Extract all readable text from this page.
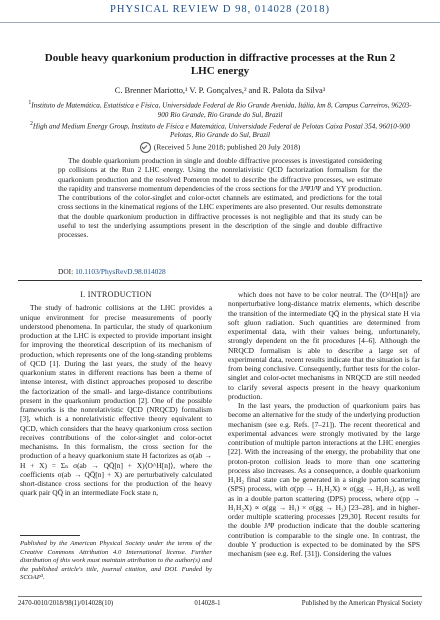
PHYSICAL REVIEW D 98, 014028 (2018)
Double heavy quarkonium production in diffractive processes at the Run 2 LHC energy
C. Brenner Mariotto,¹ V. P. Gonçalves,² and R. Palota da Silva³
$^1$Instituto de Matemática, Estatística e Física, Universidade Federal de Rio Grande Avenida, Itália, km 8, Campus Carreiros, 96203-900 Rio Grande, Rio Grande do Sul, Brazil
$^2$High and Medium Energy Group, Instituto de Física e Matemática, Universidade Federal de Pelotas Caixa Postal 354, 96010-900 Pelotas, Rio Grande do Sul, Brazil
(Received 5 June 2018; published 20 July 2018)
The double quarkonium production in single and double diffractive processes is investigated considering pp collisions at the Run 2 LHC energy. Using the nonrelativistic QCD factorization formalism for the quarkonium production and the resolved Pomeron model to describe the diffractive processes, we estimate the rapidity and transverse momentum dependencies of the cross sections for the J/ΨJ/Ψ and ΥΥ production. The contributions of the color-singlet and color-octet channels are estimated, and predictions for the total cross sections in the kinematical regions of the LHC experiments are also presented. Our results demonstrate that the double quarkonium production in diffractive processes is not negligible and that its study can be useful to test the underlying assumptions present in the description of the single and double diffractive processes.
DOI: 10.1103/PhysRevD.98.014028
I. INTRODUCTION

The study of hadronic collisions at the LHC provides a unique environment for precise measurements of poorly understood phenomena. In particular, the study of quarkonium production at the LHC is expected to provide important insight for improving the theoretical description of its mechanism of production, which represents one of the long-standing problems of QCD [1]. During the last years, the study of the heavy quarkonium states in different reactions has been a theme of intense interest, with distinct approaches proposed to describe the factorization of the small- and large-distance contributions present in the quarkonium production [2]. One of the possible frameworks is the nonrelativistic QCD (NRQCD) formalism [3], which is a nonrelativistic effective theory equivalent to QCD, which considers that the heavy quarkonium cross section receives contributions of the color-singlet and color-octet mechanisms. In this formalism, the cross section for the production of a heavy quarkonium state H factorizes as σ(ab → H + X) = Σₙ σ(ab → QQ̄[n] + X)⟨O^H[n]⟩, where the coefficients σ(ab → QQ̄[n] + X) are perturbatively calculated short-distance cross sections for the production of the heavy quark pair QQ̄ in an intermediate Fock state n,

which does not have to be color neutral. The ⟨O^H[n]⟩ are nonperturbative long-distance matrix elements, which describe the transition of the intermediate QQ̄ in the physical state H via soft gluon radiation. Such quantities are determined from experimental data, with their values being, unfortunately, strongly dependent on the fit procedures [4–6]. Although the NRQCD formalism is able to describe a large set of experimental data, recent results indicate that the situation is far from being conclusive. Consequently, further tests for the color-singlet and color-octet mechanisms in NRQCD are still needed to clarify several aspects present in the heavy quarkonium production.

In the last years, the production of quarkonium pairs has become an alternative for the study of the underlying production mechanism (see e.g. Refs. [7–21]). The recent theoretical and experimental advances were strongly motivated by the large contribution of multiple parton interactions at the LHC energies [22]. With the increasing of the energy, the probability that one proton-proton collision leads to more than one scattering process also increases. As a consequence, a double quarkonium H₁H₂ final state can be generated in a single parton scattering (SPS) process, with σ(pp → H₁H₂X) ∝ σ(gg → H₁H₂), as well as in a double parton scattering (DPS) process, where σ(pp → H₁H₂X) ∝ σ(gg → H₁) × σ(gg → H₂) [23–28], and in higher-order multiple scattering processes [29,30]. Recent results for the double J/Ψ production indicate that the double scattering contribution is comparable to the single one. In contrast, the double Υ production is expected to be dominated by the SPS mechanism (see e.g. Ref. [31]). Considering the values

Published by the American Physical Society under the terms of the Creative Commons Attribution 4.0 International license. Further distribution of this work must maintain attribution to the author(s) and the published article's title, journal citation, and DOI. Funded by SCOAP³.
2470-0010/2018/98(1)/014028(10)	014028-1	Published by the American Physical Society
